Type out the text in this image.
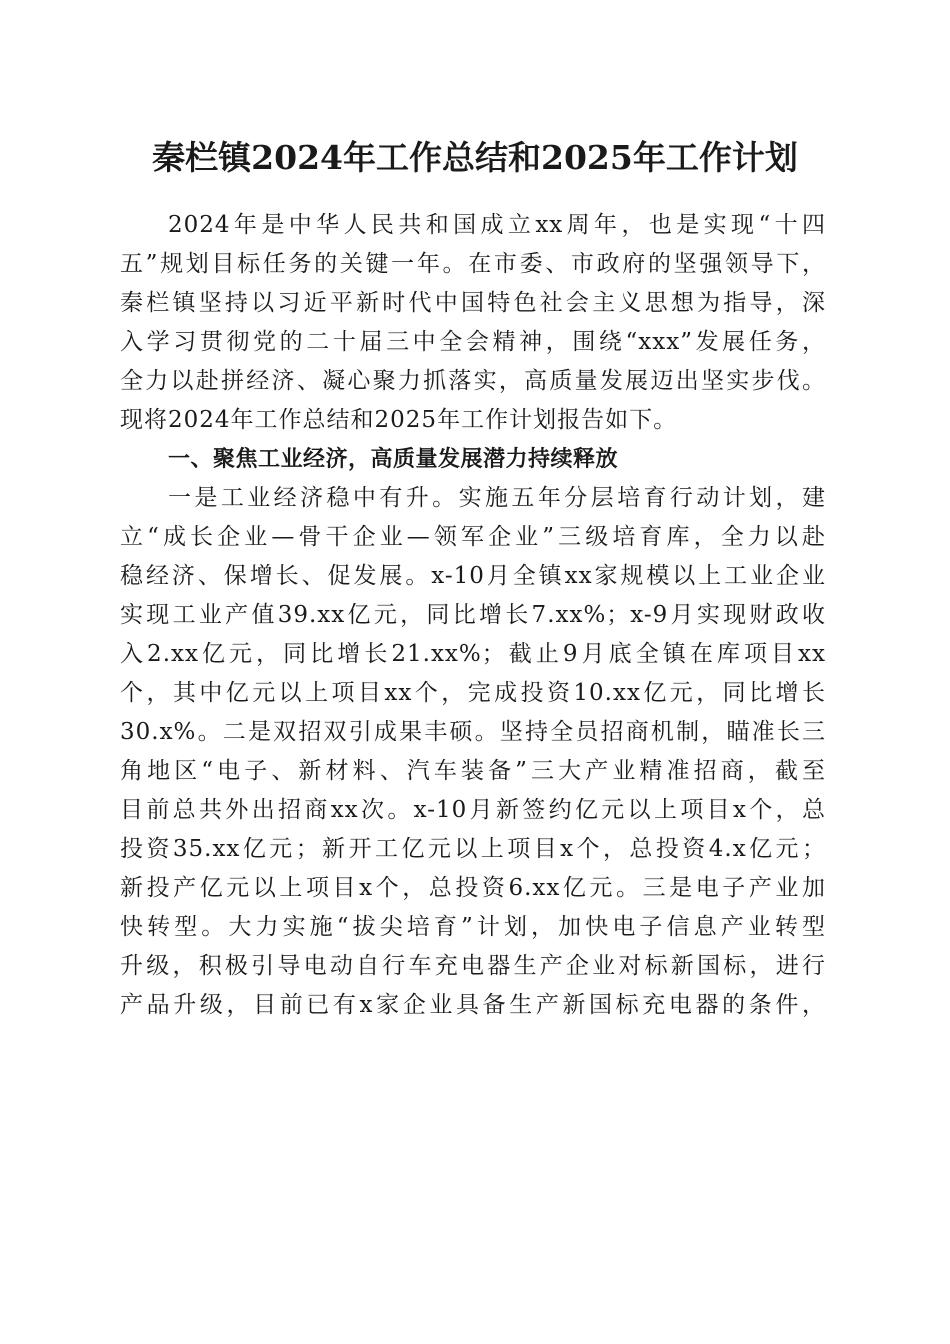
秦栏镇2024年工作总结和2025年工作计划
2024年是中华人民共和国成立xx周年，也是实现“十四
五”规划目标任务的关键一年。在市委、市政府的坚强领导下，
秦栏镇坚持以习近平新时代中国特色社会主义思想为指导，深
入学习贯彻党的二十届三中全会精神，围绕“xxx”发展任务，
全力以赴拼经济、凝心聚力抓落实，高质量发展迈出坚实步伐。
现将2024年工作总结和2025年工作计划报告如下。
一、聚焦工业经济，高质量发展潜力持续释放
一是工业经济稳中有升。实施五年分层培育行动计划，建
立“成长企业—骨干企业—领军企业”三级培育库，全力以赴
稳经济、保增长、促发展。x-10月全镇xx家规模以上工业企业
实现工业产值39.xx亿元，同比增长7.xx%；x-9月实现财政收
入2.xx亿元，同比增长21.xx%；截止9月底全镇在库项目xx
个，其中亿元以上项目xx个，完成投资10.xx亿元，同比增长
30.x%。二是双招双引成果丰硕。坚持全员招商机制，瞄准长三
角地区“电子、新材料、汽车装备”三大产业精准招商，截至
目前总共外出招商xx次。x-10月新签约亿元以上项目x个，总
投资35.xx亿元；新开工亿元以上项目x个，总投资4.x亿元；
新投产亿元以上项目x个，总投资6.xx亿元。三是电子产业加
快转型。大力实施“拔尖培育”计划，加快电子信息产业转型
升级，积极引导电动自行车充电器生产企业对标新国标，进行
产品升级，目前已有x家企业具备生产新国标充电器的条件，
